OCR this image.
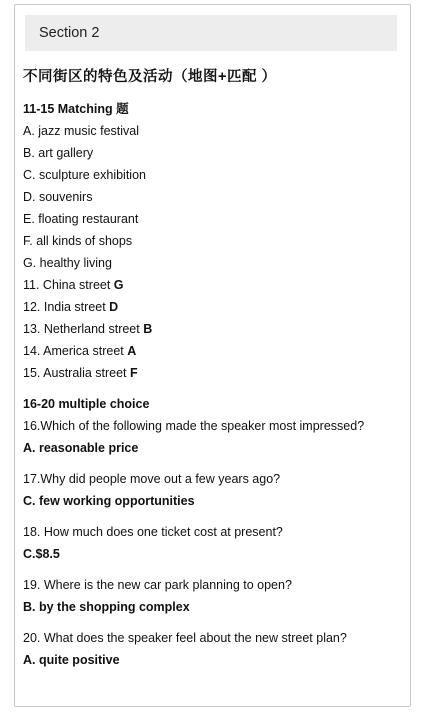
Section 2
不同街区的特色及活动（地图+匹配 ）
11-15 Matching 题
A. jazz music festival
B. art gallery
C. sculpture exhibition
D. souvenirs
E. floating restaurant
F. all kinds of shops
G. healthy living
11. China street G
12. India street D
13. Netherland street B
14. America street A
15. Australia street F
16-20 multiple choice
16.Which of the following made the speaker most impressed?
A. reasonable price
17.Why did people move out a few years ago?
C. few working opportunities
18. How much does one ticket cost at present?
C.$8.5
19. Where is the new car park planning to open?
B. by the shopping complex
20. What does the speaker feel about the new street plan?
A. quite positive
